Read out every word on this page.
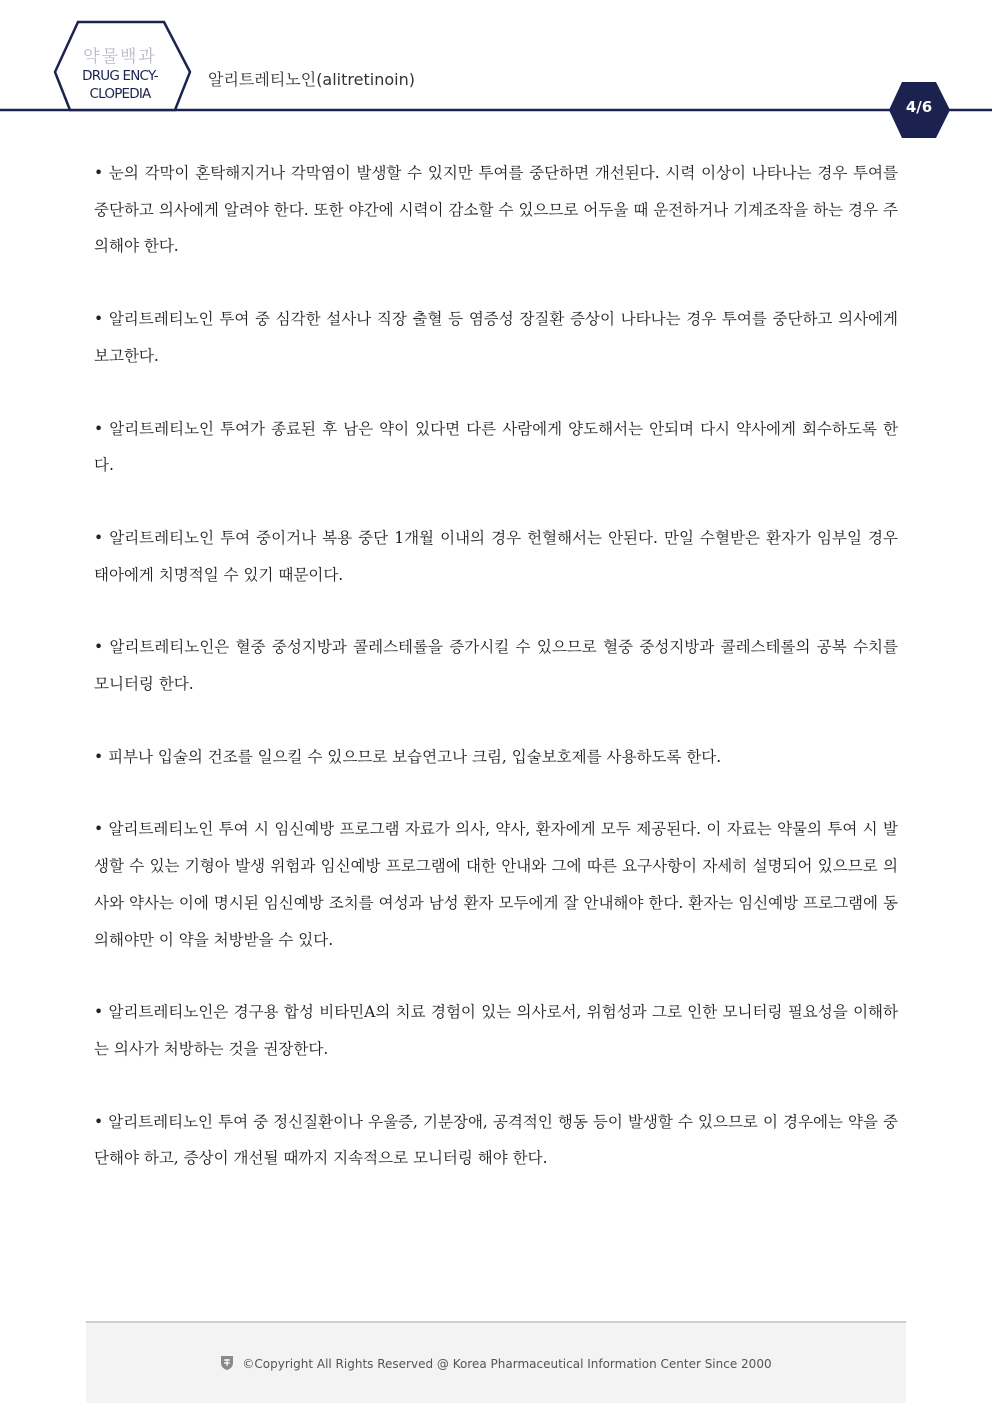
약물백과
DRUG ENCY-
CLOPEDIA
알리트레티노인(alitretinoin)
4/6

• 눈의 각막이 혼탁해지거나 각막염이 발생할 수 있지만 투여를 중단하면 개선된다. 시력 이상이 나타나는 경우 투여를 중단하고 의사에게 알려야 한다. 또한 야간에 시력이 감소할 수 있으므로 어두울 때 운전하거나 기계조작을 하는 경우 주의해야 한다.

• 알리트레티노인 투여 중 심각한 설사나 직장 출혈 등 염증성 장질환 증상이 나타나는 경우 투여를 중단하고 의사에게 보고한다.

• 알리트레티노인 투여가 종료된 후 남은 약이 있다면 다른 사람에게 양도해서는 안되며 다시 약사에게 회수하도록 한다.

• 알리트레티노인 투여 중이거나 복용 중단 1개월 이내의 경우 헌혈해서는 안된다. 만일 수혈받은 환자가 임부일 경우 태아에게 치명적일 수 있기 때문이다.

• 알리트레티노인은 혈중 중성지방과 콜레스테롤을 증가시킬 수 있으므로 혈중 중성지방과 콜레스테롤의 공복 수치를 모니터링 한다.

• 피부나 입술의 건조를 일으킬 수 있으므로 보습연고나 크림, 입술보호제를 사용하도록 한다.

• 알리트레티노인 투여 시 임신예방 프로그램 자료가 의사, 약사, 환자에게 모두 제공된다. 이 자료는 약물의 투여 시 발생할 수 있는 기형아 발생 위험과 임신예방 프로그램에 대한 안내와 그에 따른 요구사항이 자세히 설명되어 있으므로 의사와 약사는 이에 명시된 임신예방 조치를 여성과 남성 환자 모두에게 잘 안내해야 한다. 환자는 임신예방 프로그램에 동의해야만 이 약을 처방받을 수 있다.

• 알리트레티노인은 경구용 합성 비타민A의 치료 경험이 있는 의사로서, 위험성과 그로 인한 모니터링 필요성을 이해하는 의사가 처방하는 것을 권장한다.

• 알리트레티노인 투여 중 정신질환이나 우울증, 기분장애, 공격적인 행동 등이 발생할 수 있으므로 이 경우에는 약을 중단해야 하고, 증상이 개선될 때까지 지속적으로 모니터링 해야 한다.

©Copyright All Rights Reserved @ Korea Pharmaceutical Information Center Since 2000
